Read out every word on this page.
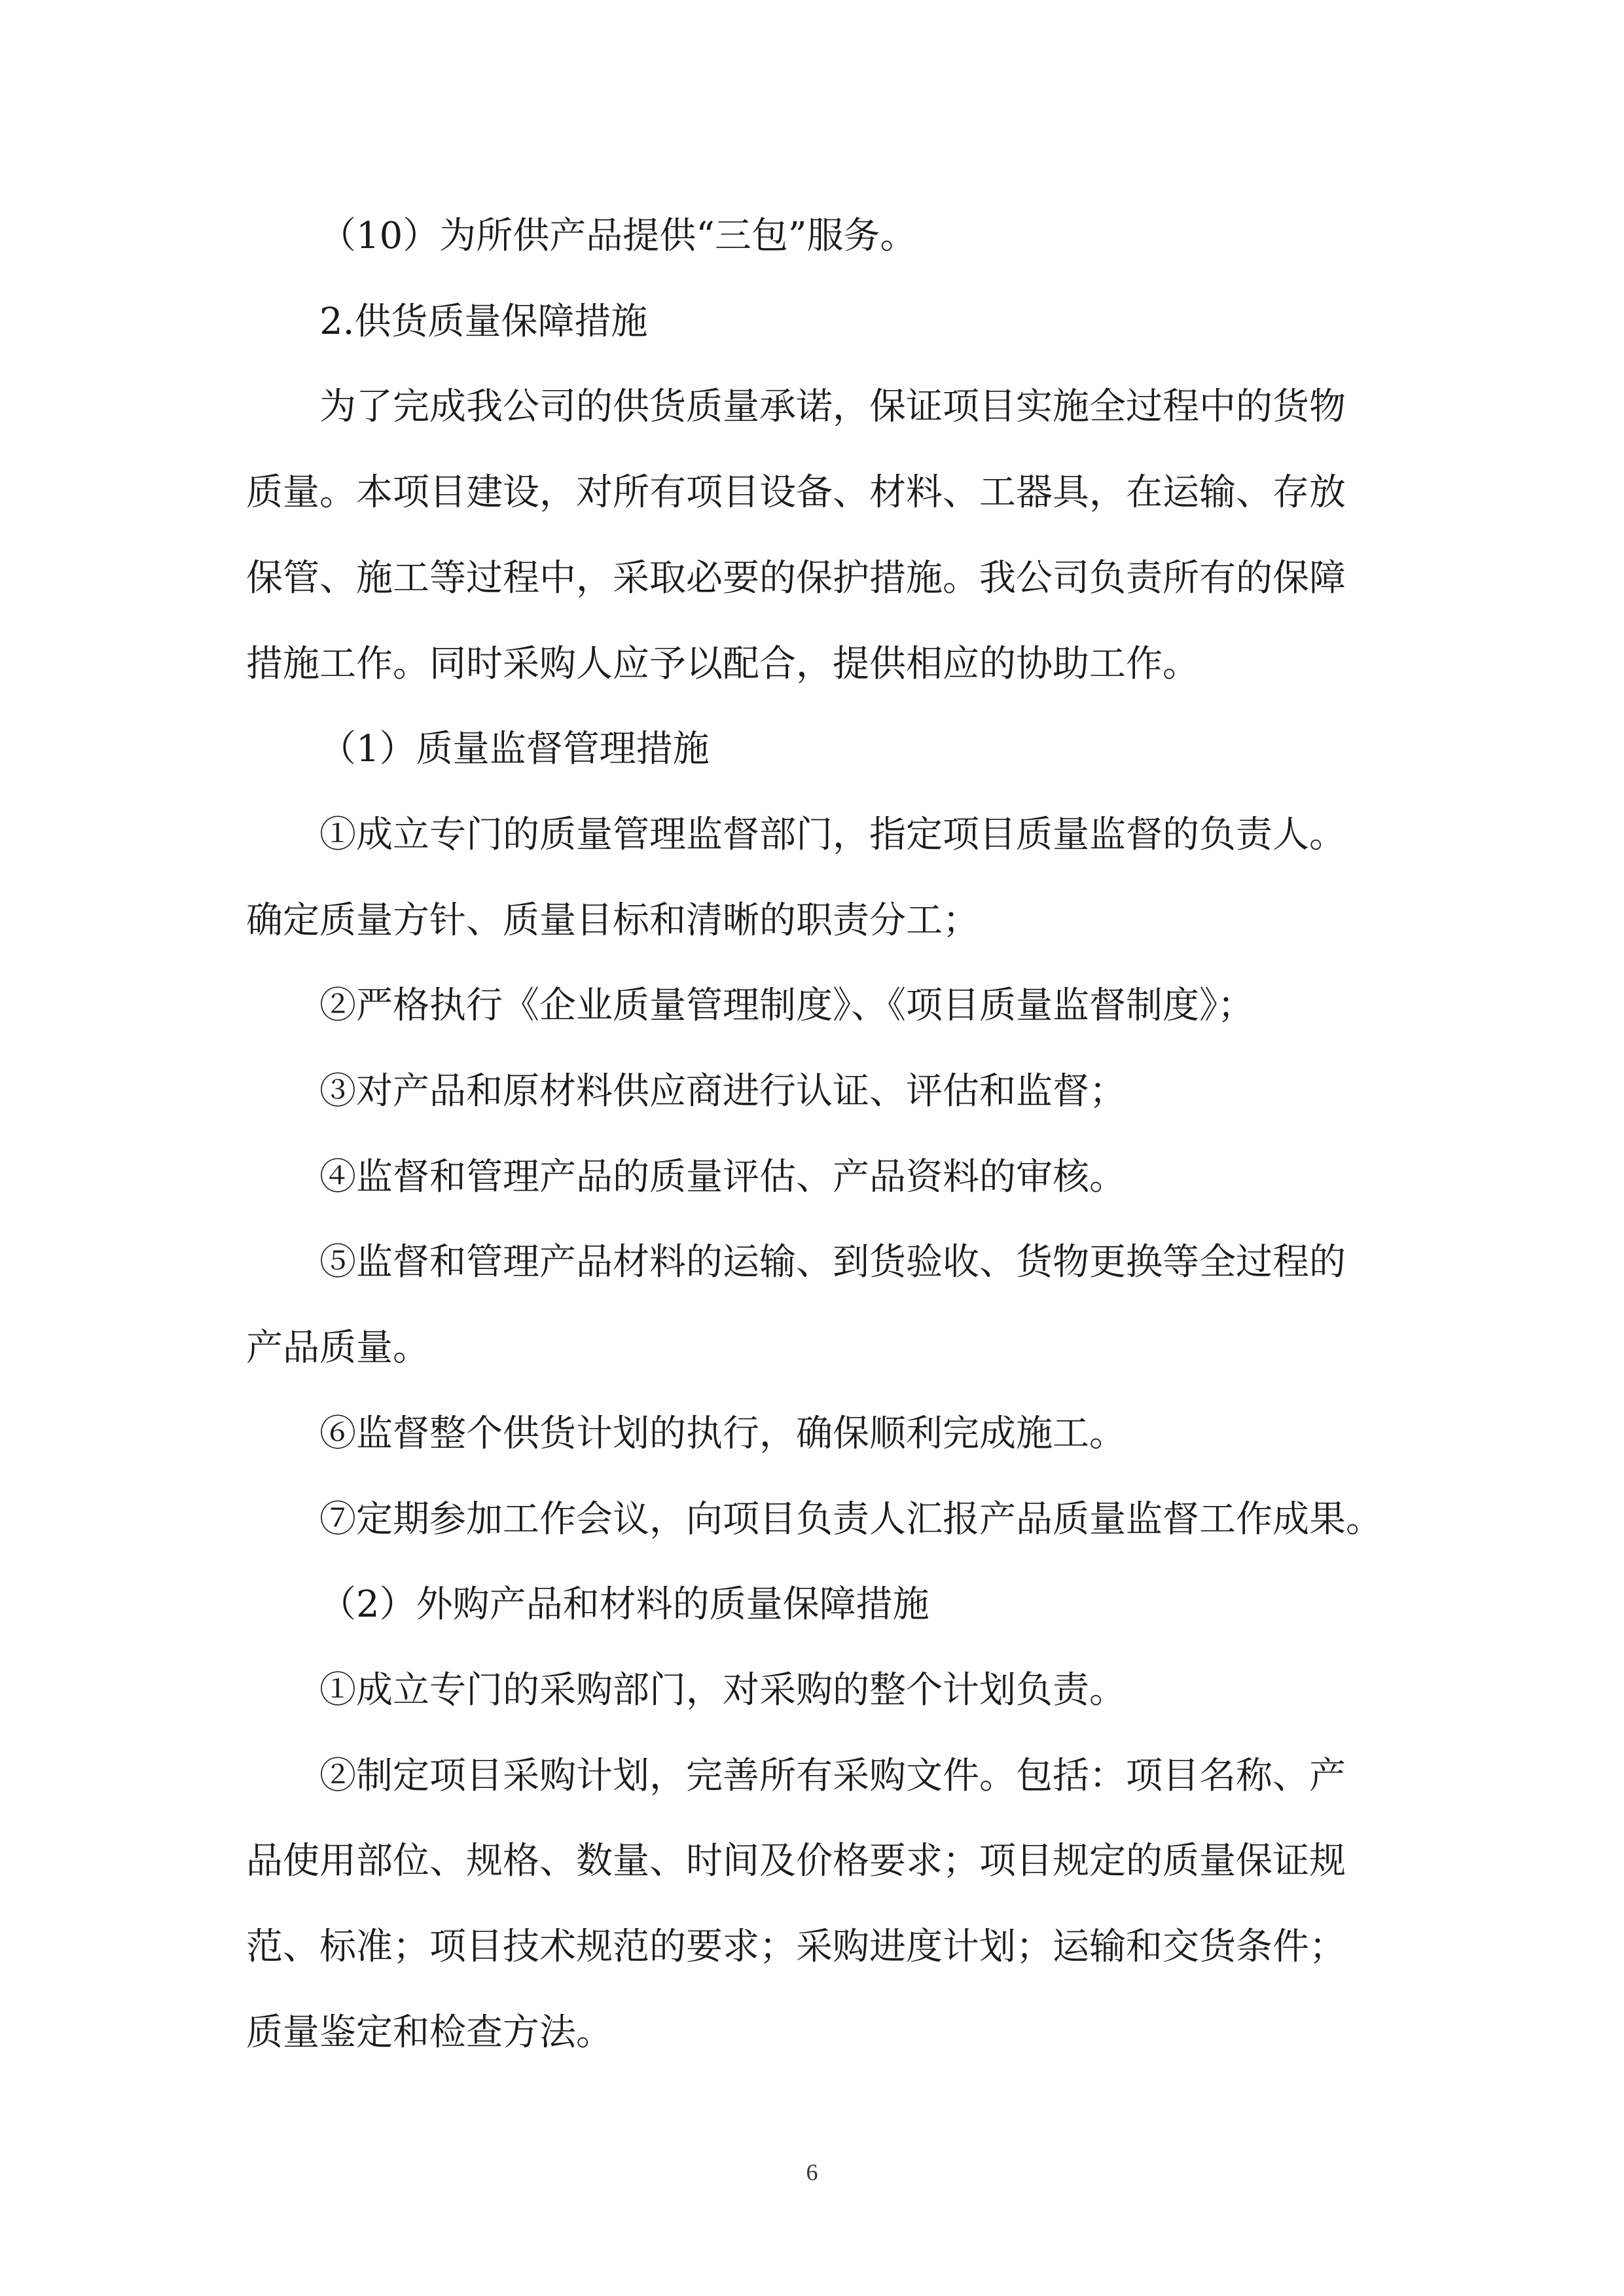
（10）为所供产品提供“三包”服务。
2.供货质量保障措施
为了完成我公司的供货质量承诺，保证项目实施全过程中的货物
质量。本项目建设，对所有项目设备、材料、工器具，在运输、存放
保管、施工等过程中，采取必要的保护措施。我公司负责所有的保障
措施工作。同时采购人应予以配合，提供相应的协助工作。
（1）质量监督管理措施
①成立专门的质量管理监督部门，指定项目质量监督的负责人。
确定质量方针、质量目标和清晰的职责分工；
②严格执行《企业质量管理制度》、《项目质量监督制度》；
③对产品和原材料供应商进行认证、评估和监督；
④监督和管理产品的质量评估、产品资料的审核。
⑤监督和管理产品材料的运输、到货验收、货物更换等全过程的
产品质量。
⑥监督整个供货计划的执行，确保顺利完成施工。
⑦定期参加工作会议，向项目负责人汇报产品质量监督工作成果。
（2）外购产品和材料的质量保障措施
①成立专门的采购部门，对采购的整个计划负责。
②制定项目采购计划，完善所有采购文件。包括：项目名称、产
品使用部位、规格、数量、时间及价格要求；项目规定的质量保证规
范、标准；项目技术规范的要求；采购进度计划；运输和交货条件；
质量鉴定和检查方法。
6
